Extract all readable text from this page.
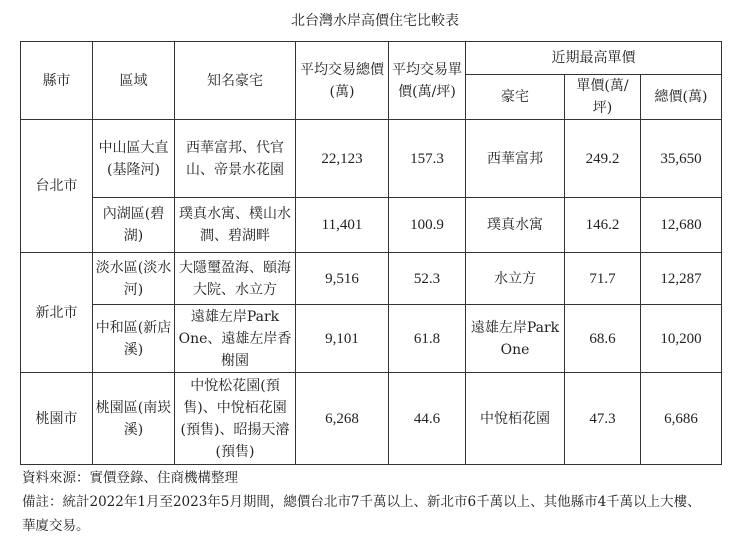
北台灣水岸高價住宅比較表
縣市	區域	知名豪宅	平均交易總價(萬)	平均交易單價(萬/坪)	近期最高單價		
					豪宅	單價(萬/坪)	總價(萬)
台北市	中山區大直(基隆河)	西華富邦、代官山、帝景水花園	22,123	157.3	西華富邦	249.2	35,650
	內湖區(碧湖)	璞真水寓、樸山水澗、碧湖畔	11,401	100.9	璞真水寓	146.2	12,680
新北市	淡水區(淡水河)	大隱璽盈海、頤海大院、水立方	9,516	52.3	水立方	71.7	12,287
	中和區(新店溪)	遠雄左岸Park One、遠雄左岸香榭園	9,101	61.8	遠雄左岸Park One	68.6	10,200
桃園市	桃園區(南崁溪)	中悅松花園(預售)、中悅栢花園(預售)、昭揚天濬(預售)	6,268	44.6	中悅栢花園	47.3	6,686
資料來源：實價登錄、住商機構整理
備註：統計2022年1月至2023年5月期間，總價台北市7千萬以上、新北市6千萬以上、其他縣市4千萬以上大樓、華廈交易。
